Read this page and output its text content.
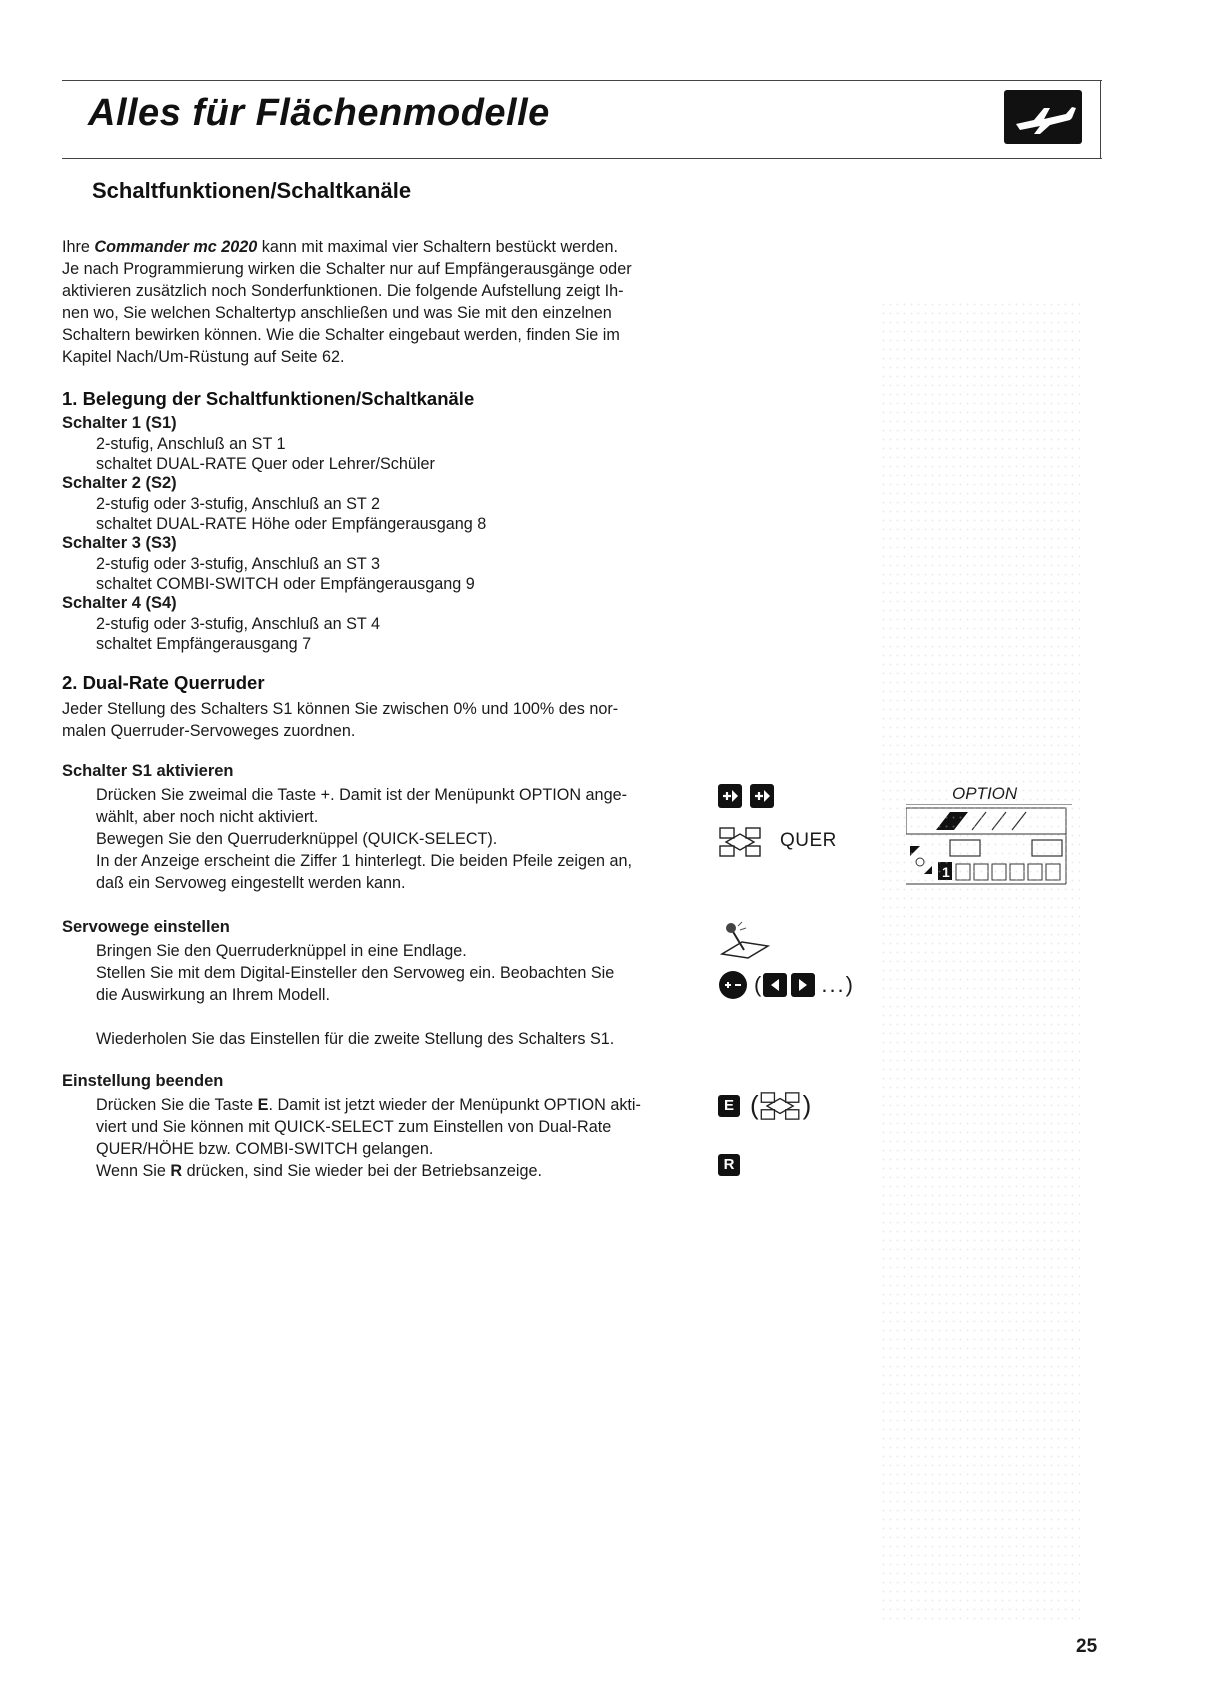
Alles für Flächenmodelle
Schaltfunktionen/Schaltkanäle

Ihre Commander mc 2020 kann mit maximal vier Schaltern bestückt werden.

Je nach Programmierung wirken die Schalter nur auf Empfängerausgänge oder

aktivieren zusätzlich noch Sonderfunktionen. Die folgende Aufstellung zeigt Ih-

nen wo, Sie welchen Schaltertyp anschließen und was Sie mit den einzelnen

Schaltern bewirken können. Wie die Schalter eingebaut werden, finden Sie im

Kapitel Nach/Um-Rüstung auf Seite 62.

1. Belegung der Schaltfunktionen/Schaltkanäle
Schalter 1 (S1)
2-stufig, Anschluß an ST 1
schaltet DUAL-RATE Quer oder Lehrer/Schüler
Schalter 2 (S2)
2-stufig oder 3-stufig, Anschluß an ST 2
schaltet DUAL-RATE Höhe oder Empfängerausgang 8
Schalter 3 (S3)
2-stufig oder 3-stufig, Anschluß an ST 3
schaltet COMBI-SWITCH oder Empfängerausgang 9
Schalter 4 (S4)
2-stufig oder 3-stufig, Anschluß an ST 4
schaltet Empfängerausgang 7
2. Dual-Rate Querruder
Jeder Stellung des Schalters S1 können Sie zwischen 0% und 100% des nor-
malen Querruder-Servoweges zuordnen.
Schalter S1 aktivieren
Drücken Sie zweimal die Taste +. Damit ist der Menüpunkt OPTION ange-
wählt, aber noch nicht aktiviert.
Bewegen Sie den Querruderknüppel (QUICK-SELECT).
In der Anzeige erscheint die Ziffer 1 hinterlegt. Die beiden Pfeile zeigen an,
daß ein Servoweg eingestellt werden kann.
Servowege einstellen
Bringen Sie den Querruderknüppel in eine Endlage.
Stellen Sie mit dem Digital-Einsteller den Servoweg ein. Beobachten Sie
die Auswirkung an Ihrem Modell.
Wiederholen Sie das Einstellen für die zweite Stellung des Schalters S1.
Einstellung beenden
Drücken Sie die Taste E. Damit ist jetzt wieder der Menüpunkt OPTION akti-
viert und Sie können mit QUICK-SELECT zum Einstellen von Dual-Rate
QUER/HÖHE bzw. COMBI-SWITCH gelangen.
Wenn Sie R drücken, sind Sie wieder bei der Betriebsanzeige.
QUER
(	...)
E ( )
R
OPTION
1
25
